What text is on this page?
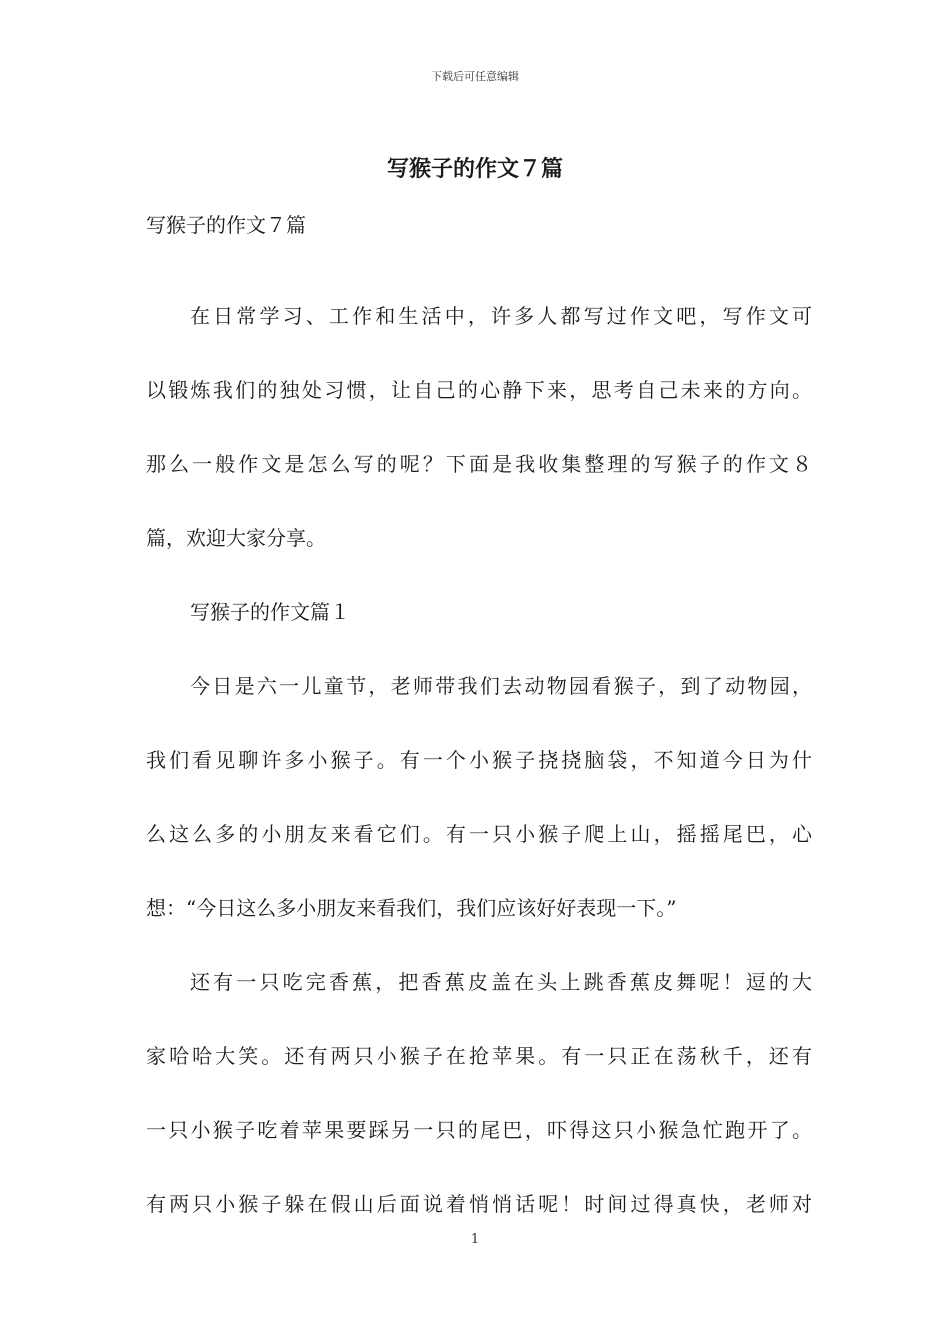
下载后可任意编辑
写猴子的作文７篇
写猴子的作文７篇
在日常学习、工作和生活中，许多人都写过作文吧，写作文可
以锻炼我们的独处习惯，让自己的心静下来，思考自己未来的方向。
那么一般作文是怎么写的呢？下面是我收集整理的写猴子的作文８
篇，欢迎大家分享。
写猴子的作文篇１
今日是六一儿童节，老师带我们去动物园看猴子，到了动物园，
我们看见聊许多小猴子。有一个小猴子挠挠脑袋，不知道今日为什
么这么多的小朋友来看它们。有一只小猴子爬上山，摇摇尾巴，心
想：“今日这么多小朋友来看我们，我们应该好好表现一下。”
还有一只吃完香蕉，把香蕉皮盖在头上跳香蕉皮舞呢！逗的大
家哈哈大笑。还有两只小猴子在抢苹果。有一只正在荡秋千，还有
一只小猴子吃着苹果要踩另一只的尾巴，吓得这只小猴急忙跑开了。
有两只小猴子躲在假山后面说着悄悄话呢！时间过得真快，老师对
1
